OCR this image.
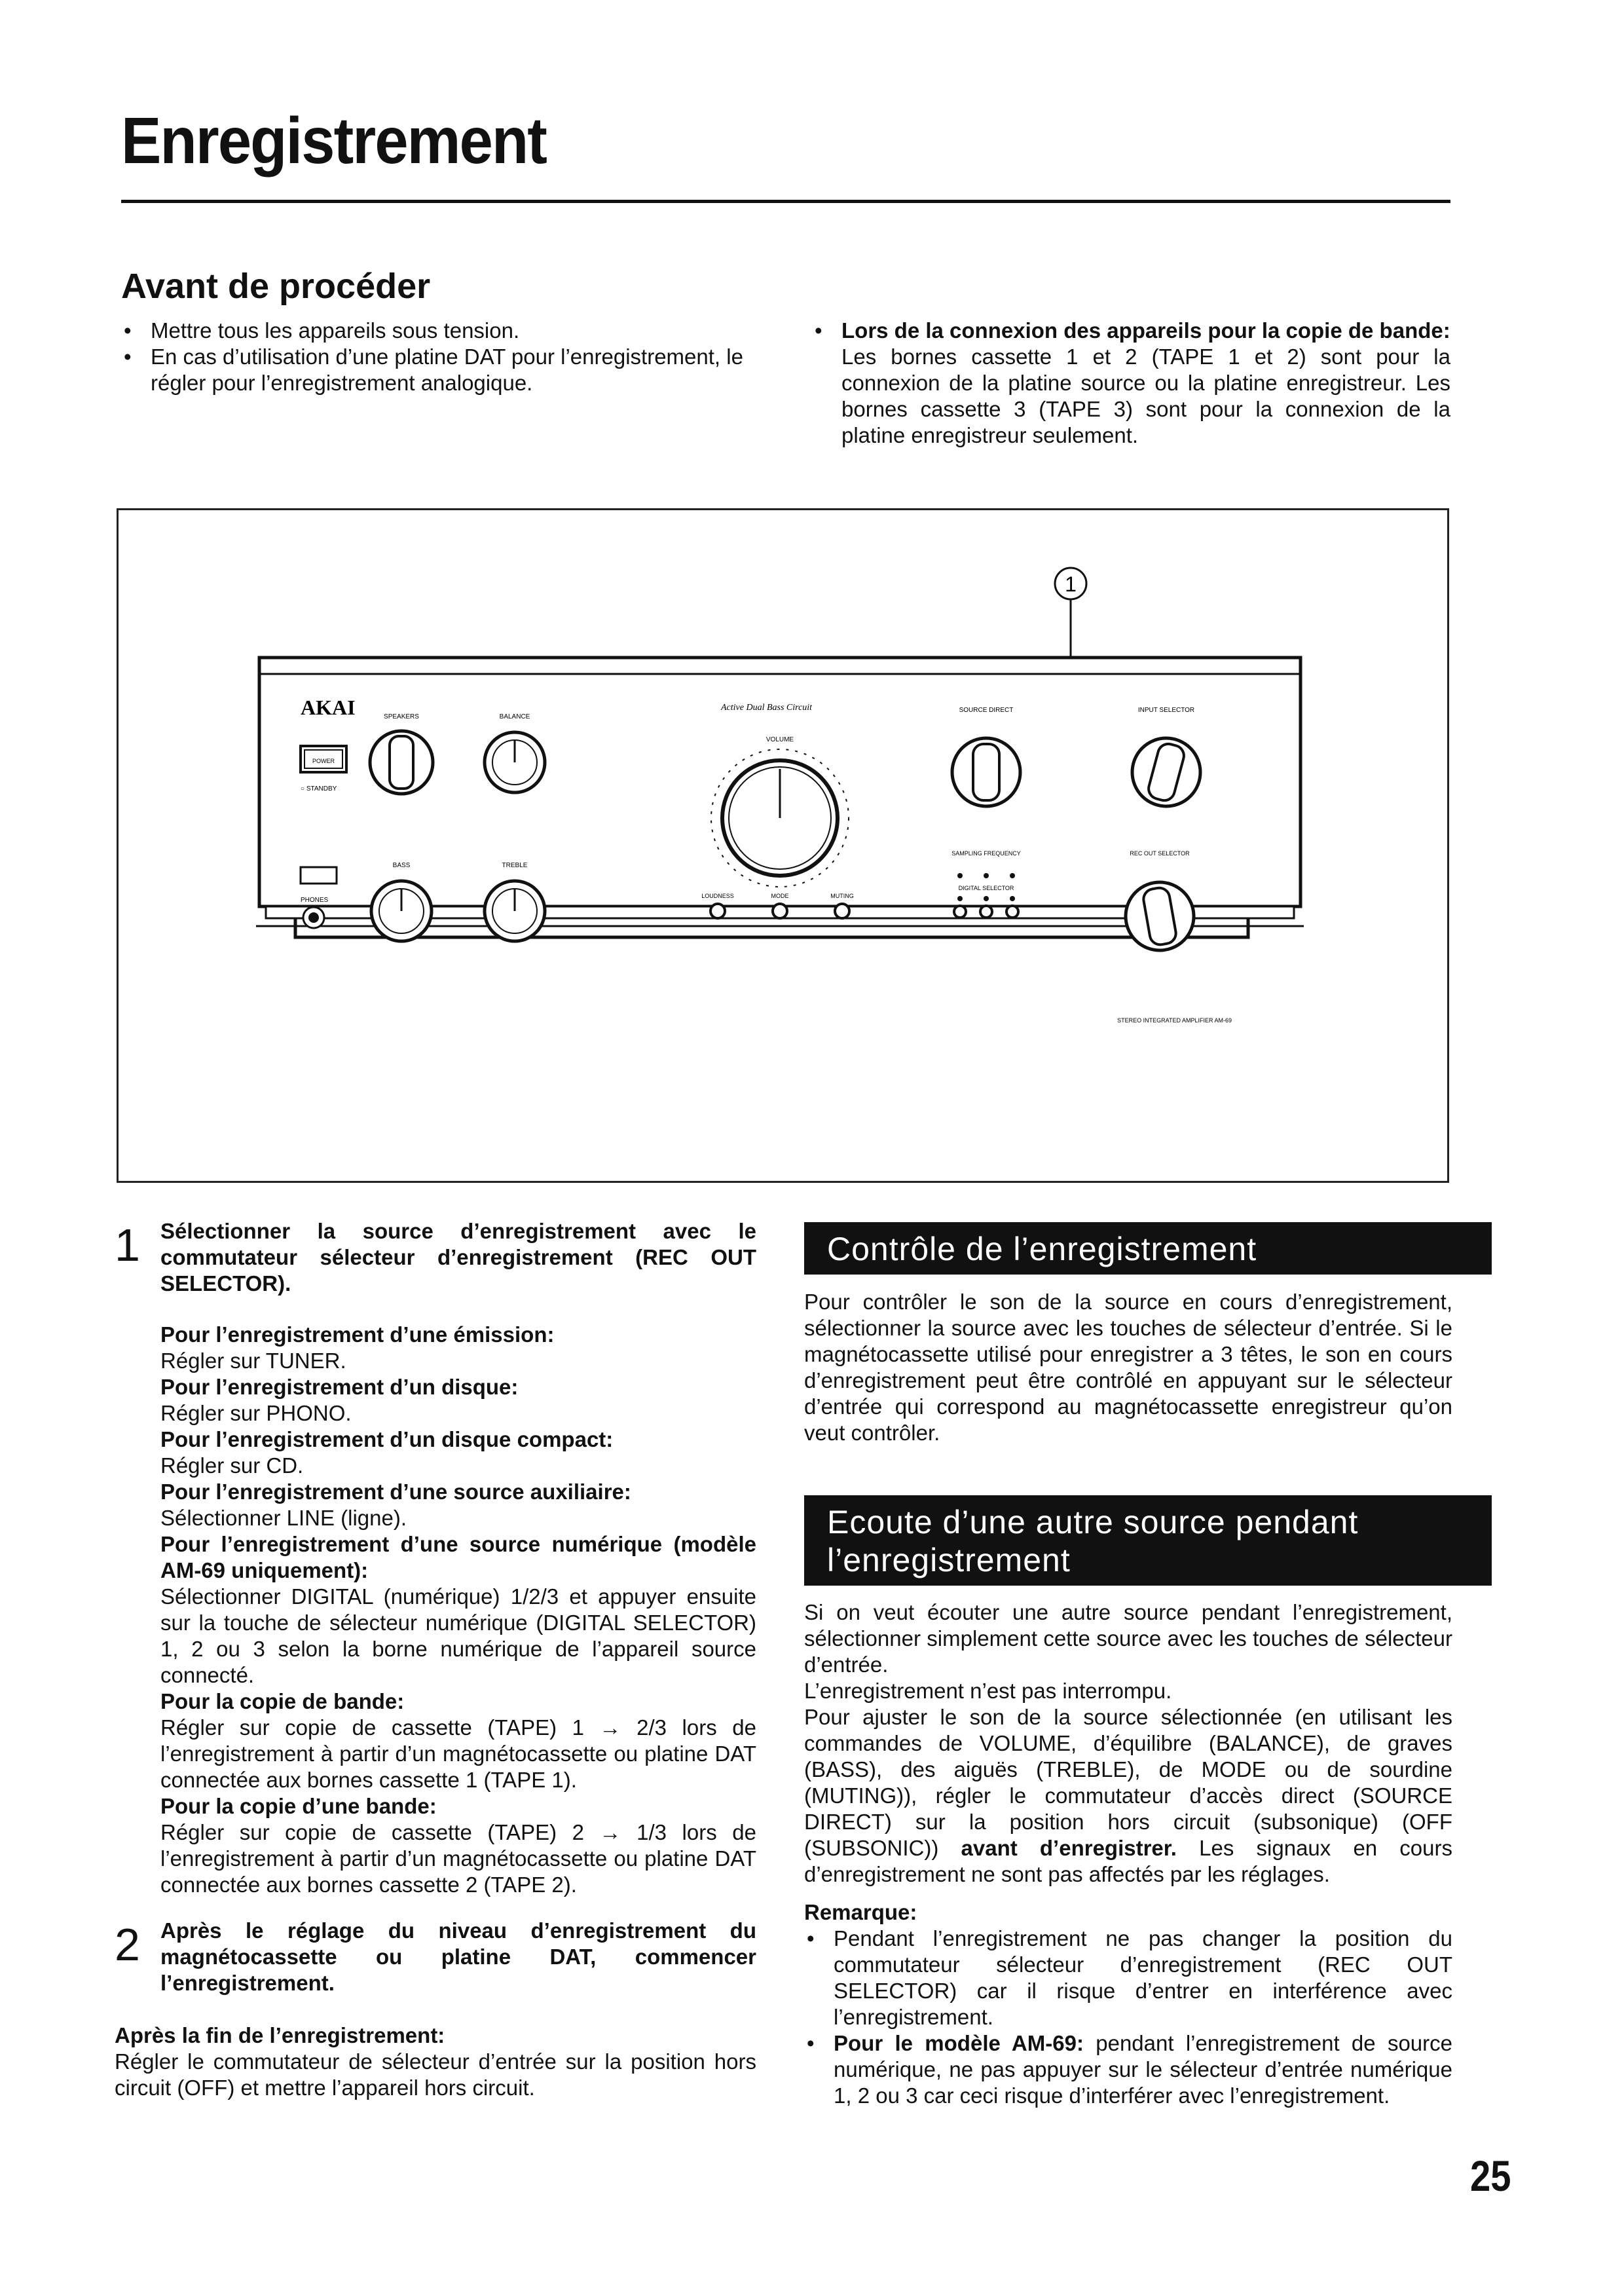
Enregistrement
Avant de procéder
• Mettre tous les appareils sous tension.
• En cas d’utilisation d’une platine DAT pour l’enregistrement, le régler pour l’enregistrement analogique.
• Lors de la connexion des appareils pour la copie de bande:
Les bornes cassette 1 et 2 (TAPE 1 et 2) sont pour la connexion de la platine source ou la platine enregistreur. Les bornes cassette 3 (TAPE 3) sont pour la connexion de la platine enregistreur seulement.
1
AKAI	Active Dual Bass Circuit
POWER
○ STANDBY
PHONES
SPEAKERS	BALANCE
VOLUME
BASS	TREBLE
LOUDNESS	MODE	MUTING
SOURCE DIRECT	INPUT SELECTOR
SAMPLING FREQUENCY
DIGITAL SELECTOR
REC OUT SELECTOR
STEREO INTEGRATED AMPLIFIER AM-69
1 Sélectionner la source d’enregistrement avec le commutateur sélecteur d’enregistrement (REC OUT SELECTOR).
Pour l’enregistrement d’une émission:
Régler sur TUNER.
Pour l’enregistrement d’un disque:
Régler sur PHONO.
Pour l’enregistrement d’un disque compact:
Régler sur CD.
Pour l’enregistrement d’une source auxiliaire:
Sélectionner LINE (ligne).
Pour l’enregistrement d’une source numérique (modèle AM-69 uniquement):
Sélectionner DIGITAL (numérique) 1/2/3 et appuyer ensuite sur la touche de sélecteur numérique (DIGITAL SELECTOR) 1, 2 ou 3 selon la borne numérique de l’appareil source connecté.
Pour la copie de bande:
Régler sur copie de cassette (TAPE) 1 → 2/3 lors de l’enregistrement à partir d’un magnétocassette ou platine DAT connectée aux bornes cassette 1 (TAPE 1).
Pour la copie d’une bande:
Régler sur copie de cassette (TAPE) 2 → 1/3 lors de l’enregistrement à partir d’un magnétocassette ou platine DAT connectée aux bornes cassette 2 (TAPE 2).
2 Après le réglage du niveau d’enregistrement du magnétocassette ou platine DAT, commencer l’enregistrement.
Après la fin de l’enregistrement:
Régler le commutateur de sélecteur d’entrée sur la position hors circuit (OFF) et mettre l’appareil hors circuit.
Contrôle de l’enregistrement
Pour contrôler le son de la source en cours d’enregistrement, sélectionner la source avec les touches de sélecteur d’entrée. Si le magnétocassette utilisé pour enregistrer a 3 têtes, le son en cours d’enregistrement peut être contrôlé en appuyant sur le sélecteur d’entrée qui correspond au magnétocassette enregistreur qu’on veut contrôler.
Ecoute d’une autre source pendant l’enregistrement
Si on veut écouter une autre source pendant l’enregistrement, sélectionner simplement cette source avec les touches de sélecteur d’entrée.
L’enregistrement n’est pas interrompu.
Pour ajuster le son de la source sélectionnée (en utilisant les commandes de VOLUME, d’équilibre (BALANCE), de graves (BASS), des aiguës (TREBLE), de MODE ou de sourdine (MUTING)), régler le commutateur d’accès direct (SOURCE DIRECT) sur la position hors circuit (subsonique) (OFF (SUBSONIC)) avant d’enregistrer. Les signaux en cours d’enregistrement ne sont pas affectés par les réglages.
Remarque:
• Pendant l’enregistrement ne pas changer la position du commutateur sélecteur d’enregistrement (REC OUT SELECTOR) car il risque d’entrer en interférence avec l’enregistrement.
• Pour le modèle AM-69: pendant l’enregistrement de source numérique, ne pas appuyer sur le sélecteur d’entrée numérique 1, 2 ou 3 car ceci risque d’interférer avec l’enregistrement.
25
